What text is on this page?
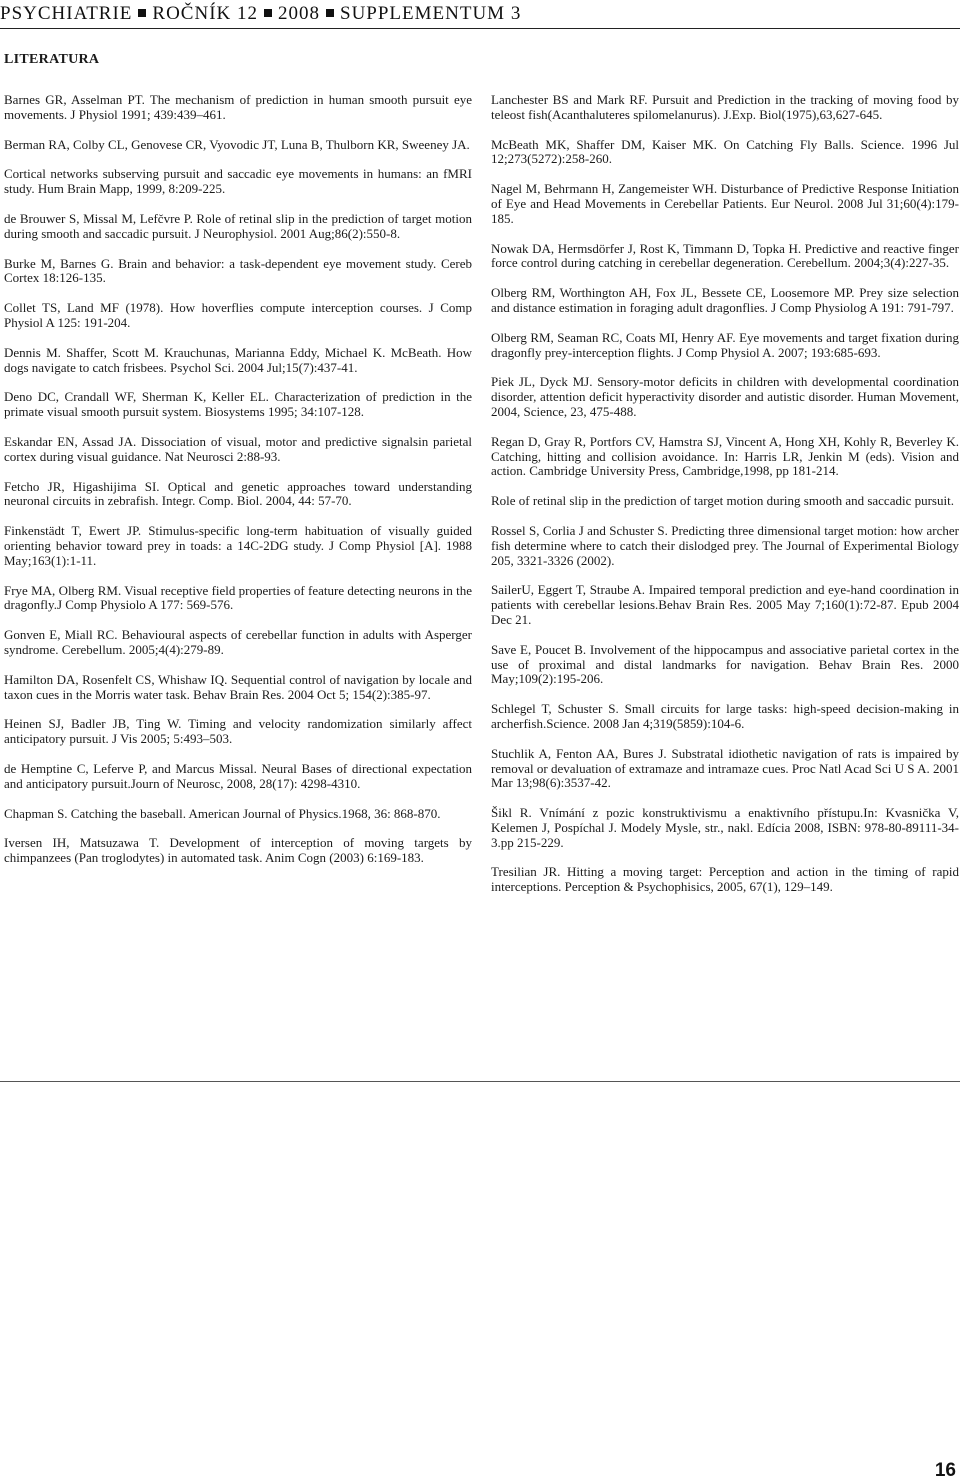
PSYCHIATRIE ROČNÍK 12 2008 SUPPLEMENTUM 3
LITERATURA

Barnes GR, Asselman PT. The mechanism of prediction in human smooth pursuit eye movements. J Physiol 1991; 439:439–461.

Berman RA, Colby CL, Genovese CR, Vyovodic JT, Luna B, Thulborn KR, Sweeney JA.

Cortical networks subserving pursuit and saccadic eye movements in humans: an fMRI study. Hum Brain Mapp, 1999, 8:209-225.

de Brouwer S, Missal M, Lefčvre P. Role of retinal slip in the prediction of target motion during smooth and saccadic pursuit. J Neurophysiol. 2001 Aug;86(2):550-8.

Burke M, Barnes G. Brain and behavior: a task-dependent eye movement study. Cereb Cortex 18:126-135.

Collet TS, Land MF (1978). How hoverflies compute interception courses. J Comp Physiol A 125: 191-204.

Dennis M. Shaffer, Scott M. Krauchunas, Marianna Eddy, Michael K. McBeath. How dogs navigate to catch frisbees. Psychol Sci. 2004 Jul;15(7):437-41.

Deno DC, Crandall WF, Sherman K, Keller EL. Characterization of prediction in the primate visual smooth pursuit system. Biosystems 1995; 34:107-128.

Eskandar EN, Assad JA. Dissociation of visual, motor and predictive signalsin parietal cortex during visual guidance. Nat Neurosci 2:88-93.

Fetcho JR, Higashijima SI. Optical and genetic approaches toward understanding neuronal circuits in zebrafish. Integr. Comp. Biol. 2004, 44: 57-70.

Finkenstädt T, Ewert JP. Stimulus-specific long-term habituation of visually guided orienting behavior toward prey in toads: a 14C-2DG study. J Comp Physiol [A]. 1988 May;163(1):1-11.

Frye MA, Olberg RM. Visual receptive field properties of feature detecting neurons in the dragonfly.J Comp Physiolo A 177: 569-576.

Gonven E, Miall RC. Behavioural aspects of cerebellar function in adults with Asperger syndrome. Cerebellum. 2005;4(4):279-89.

Hamilton DA, Rosenfelt CS, Whishaw IQ. Sequential control of navigation by locale and taxon cues in the Morris water task. Behav Brain Res. 2004 Oct 5; 154(2):385-97.

Heinen SJ, Badler JB, Ting W. Timing and velocity randomization similarly affect anticipatory pursuit. J Vis 2005; 5:493–503.

de Hemptine C, Leferve P, and Marcus Missal. Neural Bases of directional expectation and anticipatory pursuit.Journ of Neurosc, 2008, 28(17): 4298-4310.

Chapman S. Catching the baseball. American Journal of Physics.1968, 36: 868-870.

Iversen IH, Matsuzawa T. Development of interception of moving targets by chimpanzees (Pan troglodytes) in automated task. Anim Cogn (2003) 6:169-183.

Lanchester BS and Mark RF. Pursuit and Prediction in the tracking of moving food by teleost fish(Acanthaluteres spilomelanurus). J.Exp. Biol(1975),63,627-645.

McBeath MK, Shaffer DM, Kaiser MK. On Catching Fly Balls. Science. 1996 Jul 12;273(5272):258-260.

Nagel M, Behrmann H, Zangemeister WH. Disturbance of Predictive Response Initiation of Eye and Head Movements in Cerebellar Patients. Eur Neurol. 2008 Jul 31;60(4):179-185.

Nowak DA, Hermsdörfer J, Rost K, Timmann D, Topka H. Predictive and reactive finger force control during catching in cerebellar degeneration. Cerebellum. 2004;3(4):227-35.

Olberg RM, Worthington AH, Fox JL, Bessete CE, Loosemore MP. Prey size selection and distance estimation in foraging adult dragonflies. J Comp Physiolog A 191: 791-797.

Olberg RM, Seaman RC, Coats MI, Henry AF. Eye movements and target fixation during dragonfly prey-interception flights. J Comp Physiol A. 2007; 193:685-693.

Piek JL, Dyck MJ. Sensory-motor deficits in children with developmental coordination disorder, attention deficit hyperactivity disorder and autistic disorder. Human Movement, 2004, Science, 23, 475-488.

Regan D, Gray R, Portfors CV, Hamstra SJ, Vincent A, Hong XH, Kohly R, Beverley K. Catching, hitting and collision avoidance. In: Harris LR, Jenkin M (eds). Vision and action. Cambridge University Press, Cambridge,1998, pp 181-214.

Role of retinal slip in the prediction of target motion during smooth and saccadic pursuit.

Rossel S, Corlia J and Schuster S. Predicting three dimensional target motion: how archer fish determine where to catch their dislodged prey. The Journal of Experimental Biology 205, 3321-3326 (2002).

SailerU, Eggert T, Straube A. Impaired temporal prediction and eye-hand coordination in patients with cerebellar lesions.Behav Brain Res. 2005 May 7;160(1):72-87. Epub 2004 Dec 21.

Save E, Poucet B. Involvement of the hippocampus and associative parietal cortex in the use of proximal and distal landmarks for navigation. Behav Brain Res. 2000 May;109(2):195-206.

Schlegel T, Schuster S. Small circuits for large tasks: high-speed decision-making in archerfish.Science. 2008 Jan 4;319(5859):104-6.

Stuchlik A, Fenton AA, Bures J. Substratal idiothetic navigation of rats is impaired by removal or devaluation of extramaze and intramaze cues. Proc Natl Acad Sci U S A. 2001 Mar 13;98(6):3537-42.

Šikl R. Vnímání z pozic konstruktivismu a enaktivního přístupu.In: Kvasnička V, Kelemen J, Pospíchal J. Modely Mysle, str., nakl. Edícia 2008, ISBN: 978-80-89111-34-3.pp 215-229.

Tresilian JR. Hitting a moving target: Perception and action in the timing of rapid interceptions. Perception & Psychophisics, 2005, 67(1), 129–149.

16
